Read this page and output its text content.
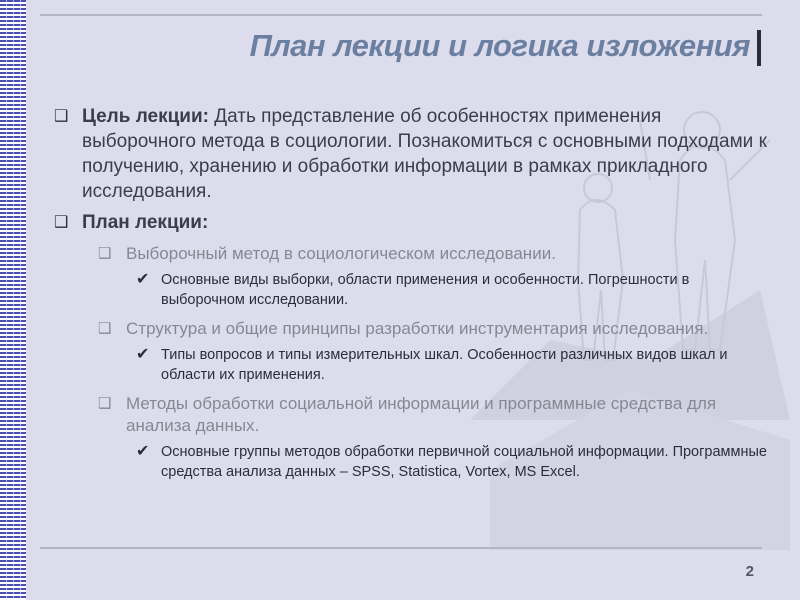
План лекции и логика изложения
❑ Цель лекции: Дать представление об особенностях применения выборочного метода в социологии. Познакомиться с основными подходами к получению, хранению и обработки информации в рамках прикладного исследования.
❑ План лекции:
❑ Выборочный метод в социологическом исследовании.
✔ Основные виды выборки, области применения и особенности. Погрешности в выборочном исследовании.
❑ Структура и общие принципы разработки инструментария исследования.
✔ Типы вопросов и типы измерительных шкал. Особенности различных видов шкал и области их применения.
❑ Методы обработки социальной информации и программные средства для анализа данных.
✔ Основные группы методов обработки первичной социальной информации. Программные средства анализа данных – SPSS, Statistica, Vortex, MS Excel.
2
